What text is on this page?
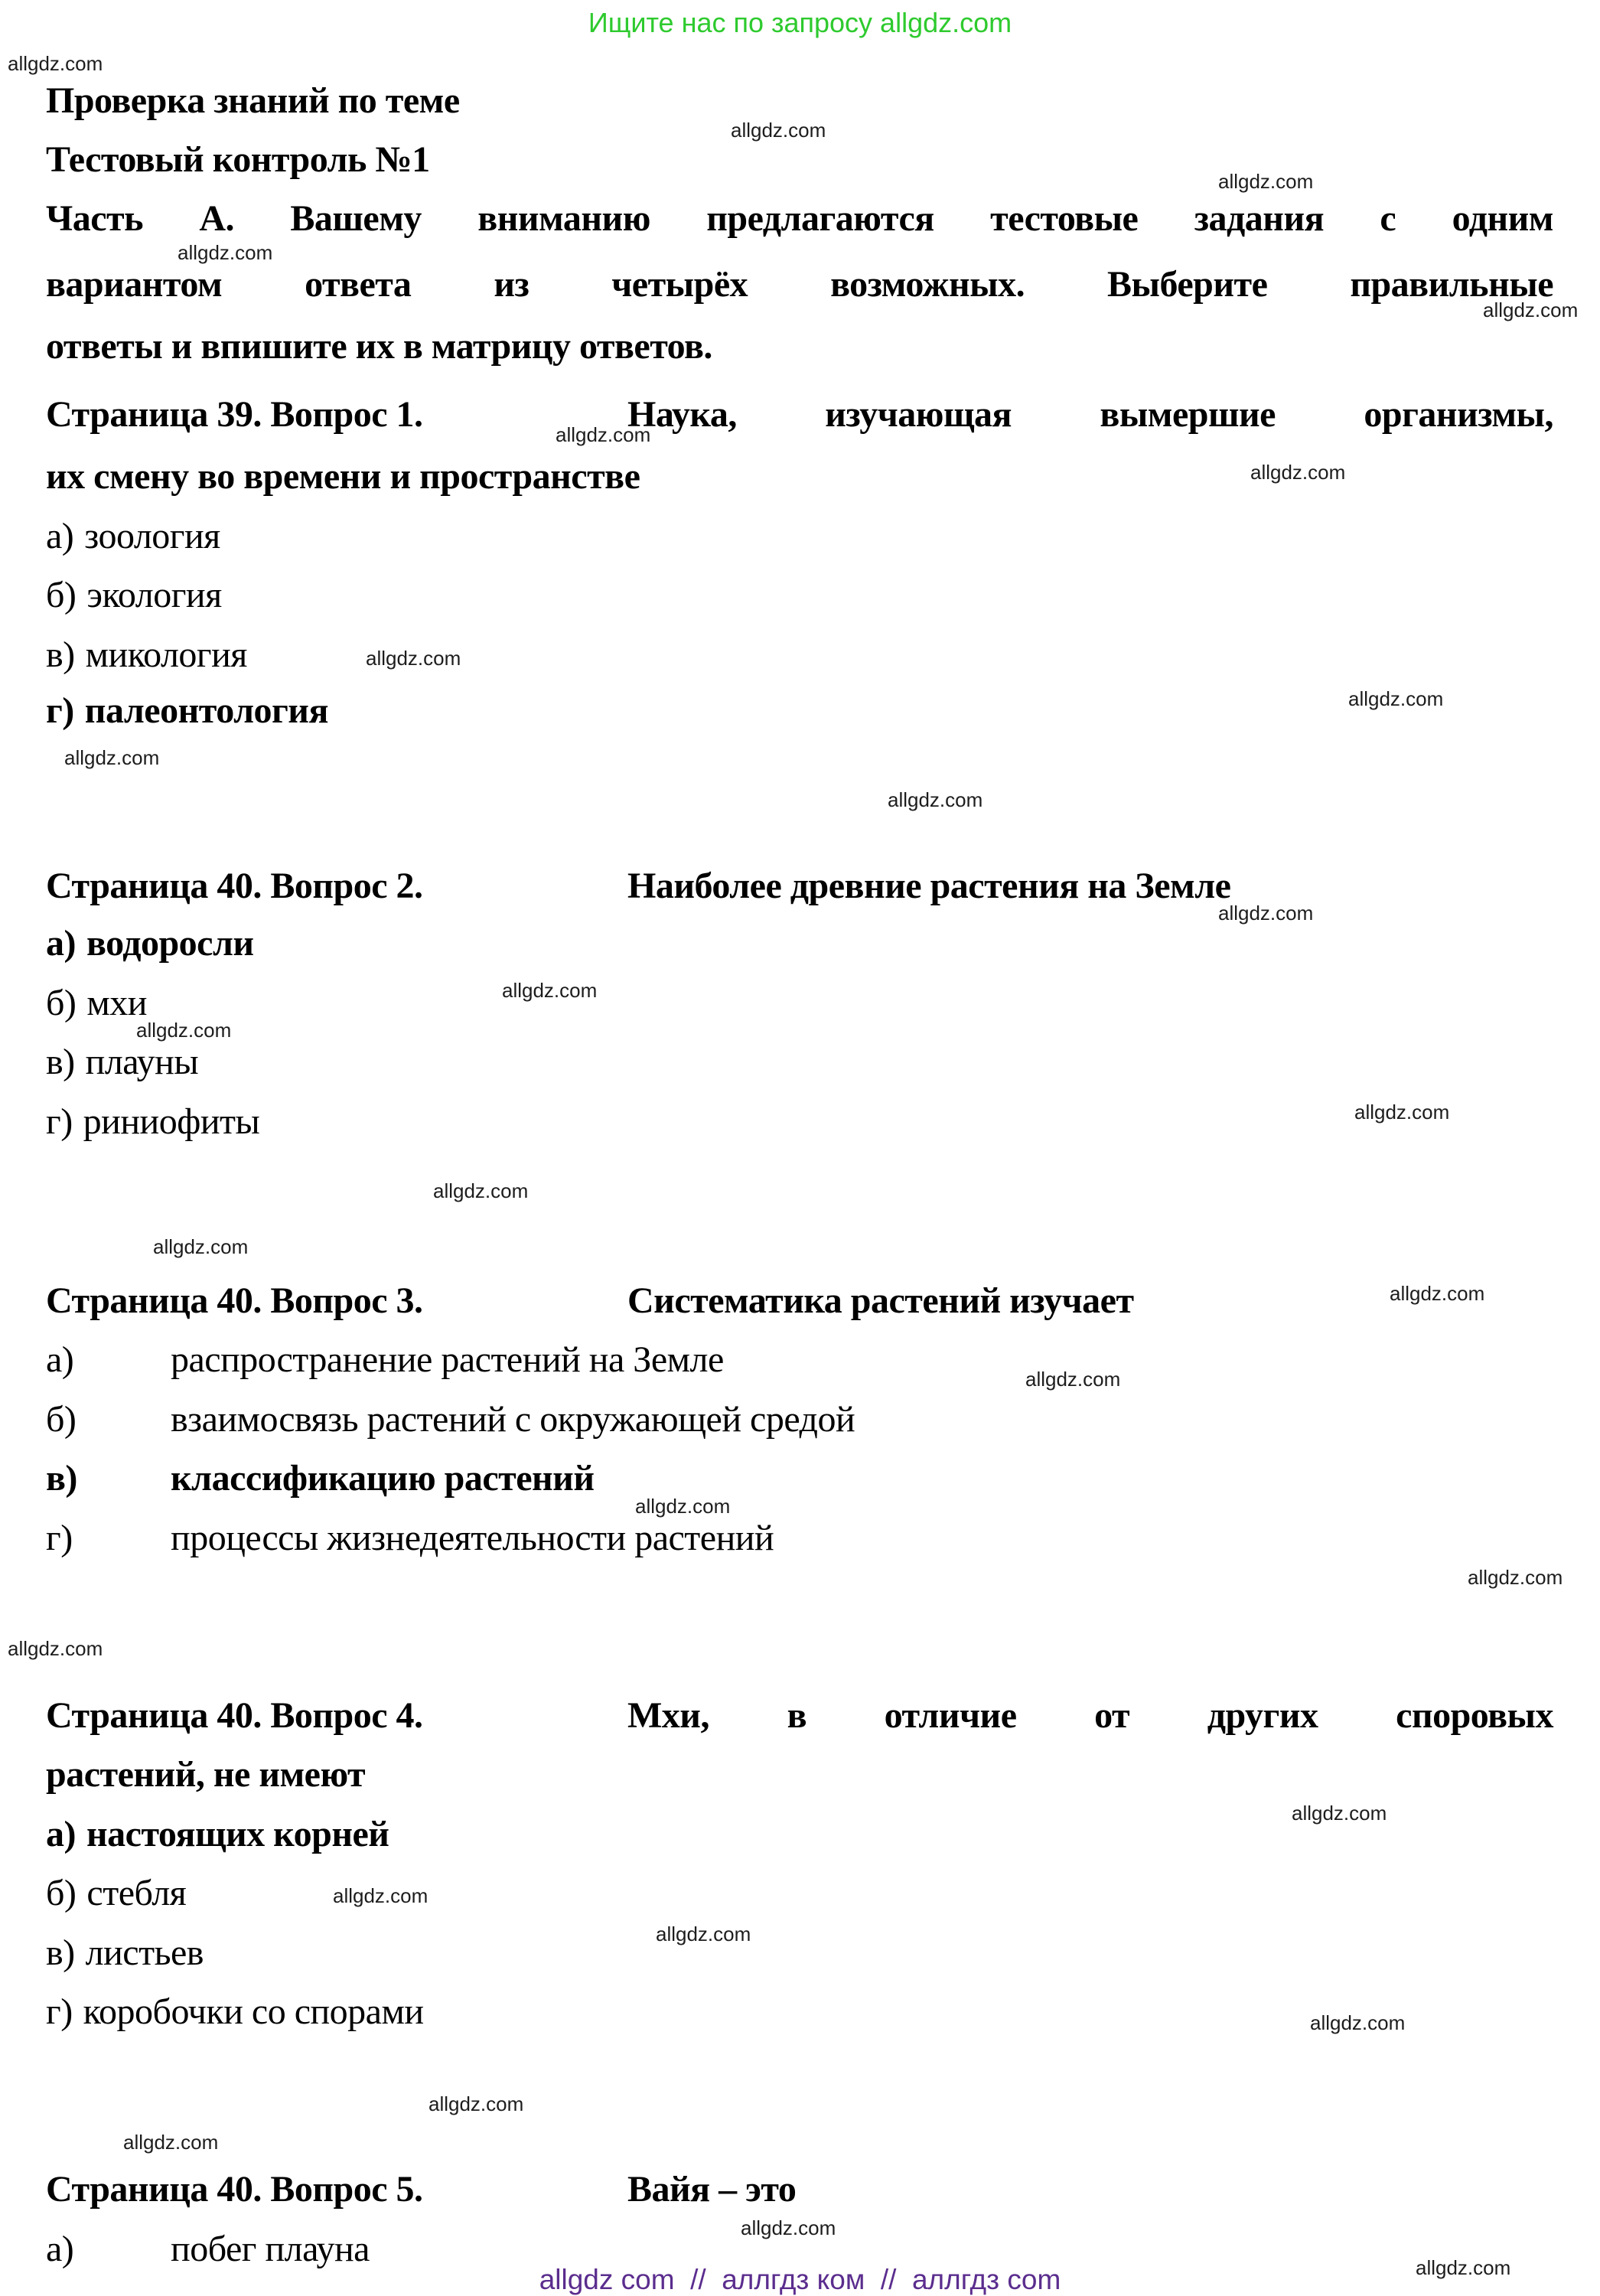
Ищите нас по запросу allgdz.com
allgdz.com
allgdz.com
allgdz.com
allgdz.com
allgdz.com
allgdz.com
allgdz.com
allgdz.com
allgdz.com
allgdz.com
allgdz.com
allgdz.com
allgdz.com
allgdz.com
allgdz.com
allgdz.com
allgdz.com
allgdz.com
allgdz.com
allgdz.com
allgdz.com
allgdz.com
allgdz.com
allgdz.com
allgdz.com
allgdz.com
allgdz.com
allgdz.com
allgdz.com
allgdz.com
Проверка знаний по теме
Тестовый контроль №1
Часть А. Вашему вниманию предлагаются тестовые задания с одним
вариантом ответа из четырёх возможных. Выберите правильные
ответы и впишите их в матрицу ответов.
Страница 39. Вопрос 1.	Наука, изучающая вымершие организмы,
их смену во времени и пространстве
а) зоология
б) экология
в) микология
г) палеонтология
Страница 40. Вопрос 2.	Наиболее древние растения на Земле
а) водоросли
б) мхи
в) плауны
г) риниофиты
Страница 40. Вопрос 3.	Систематика растений изучает
а)	распространение растений на Земле
б)	взаимосвязь растений с окружающей средой
в)	классификацию растений
г)	процессы жизнедеятельности растений
Страница 40. Вопрос 4.	Мхи, в отличие от других споровых
растений, не имеют
а) настоящих корней
б) стебля
в) листьев
г) коробочки со спорами
Страница 40. Вопрос 5.	Вайя – это
а)	побег плауна
allgdz com  //  аллгдз ком  //  аллгдз com
